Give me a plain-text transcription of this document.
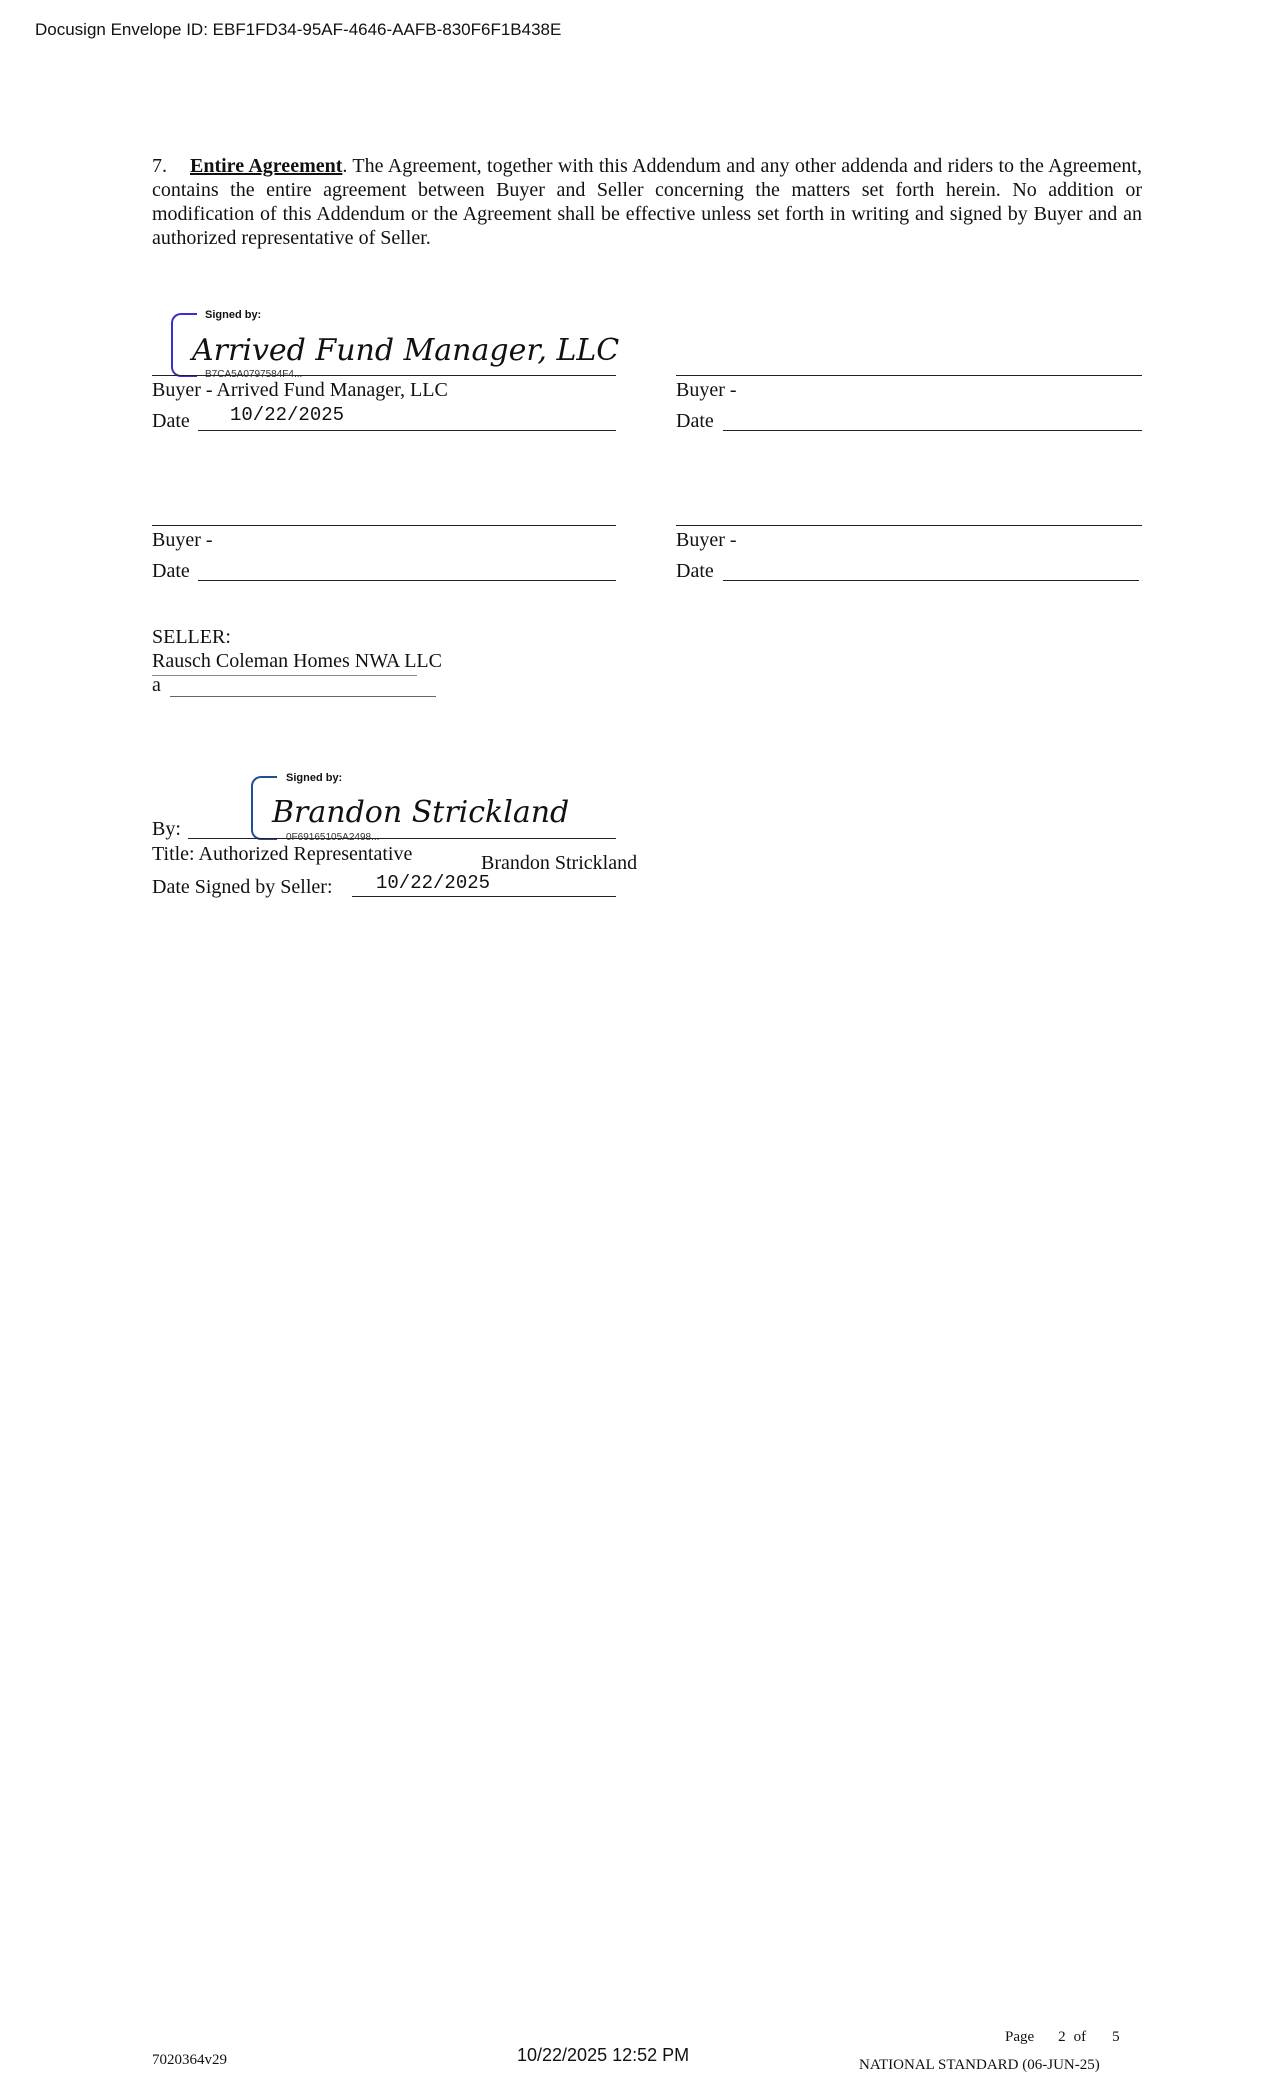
Docusign Envelope ID: EBF1FD34-95AF-4646-AAFB-830F6F1B438E
7. Entire Agreement. The Agreement, together with this Addendum and any other addenda and riders to the Agreement, contains the entire agreement between Buyer and Seller concerning the matters set forth herein. No addition or modification of this Addendum or the Agreement shall be effective unless set forth in writing and signed by Buyer and an authorized representative of Seller.
Signed by:
Arrived Fund Manager, LLC
B7CA5A0797584F4...
Buyer - Arrived Fund Manager, LLC
Date 10/22/2025
Buyer -
Date
Buyer -
Date
Buyer -
Date
SELLER:
Rausch Coleman Homes NWA LLC
a
Signed by:
Brandon Strickland
0F69165105A2498...
By:
Title: Authorized Representative	Brandon Strickland
Date Signed by Seller: 10/22/2025
Page 2 of 5
7020364v29	10/22/2025 12:52 PM	NATIONAL STANDARD (06-JUN-25)
